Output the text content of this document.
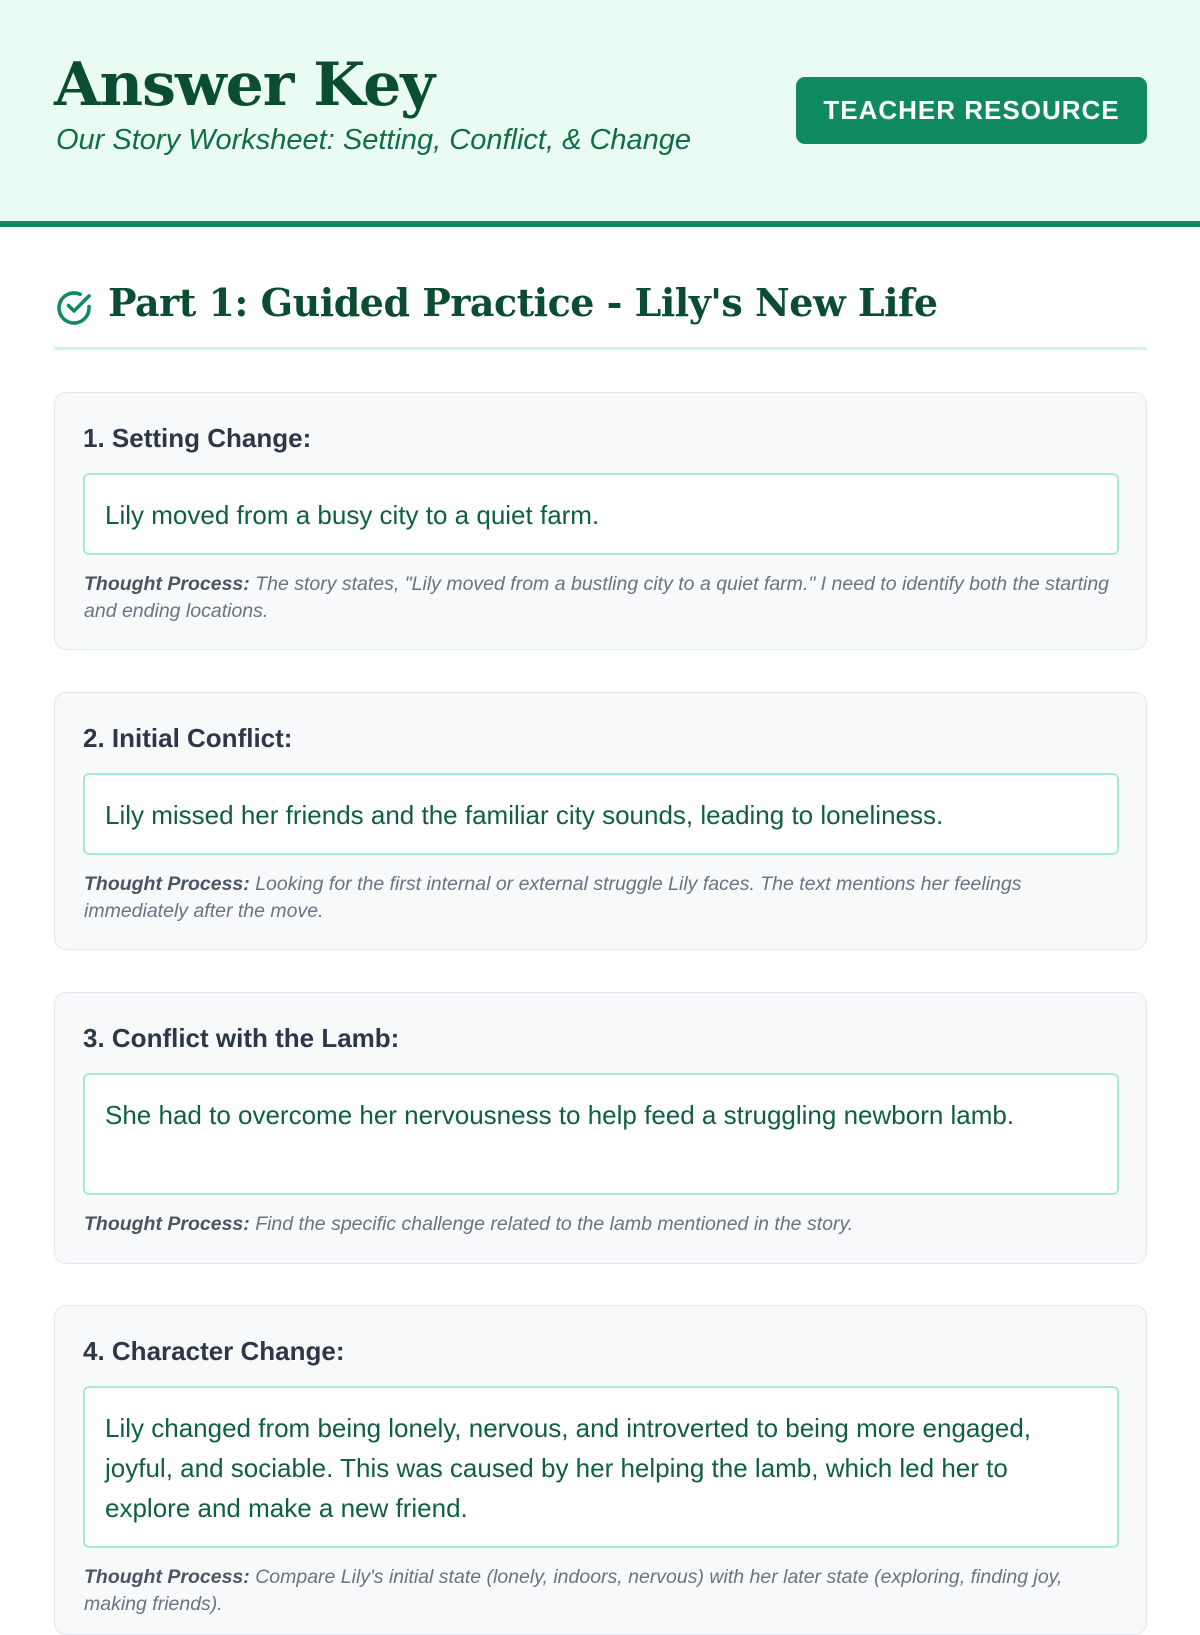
Answer Key
Our Story Worksheet: Setting, Conflict, & Change
TEACHER RESOURCE
Part 1: Guided Practice - Lily's New Life
1. Setting Change:
Lily moved from a busy city to a quiet farm.
Thought Process: The story states, "Lily moved from a bustling city to a quiet farm." I need to identify both the starting and ending locations.
2. Initial Conflict:
Lily missed her friends and the familiar city sounds, leading to loneliness.
Thought Process: Looking for the first internal or external struggle Lily faces. The text mentions her feelings immediately after the move.
3. Conflict with the Lamb:
She had to overcome her nervousness to help feed a struggling newborn lamb.
Thought Process: Find the specific challenge related to the lamb mentioned in the story.
4. Character Change:
Lily changed from being lonely, nervous, and introverted to being more engaged, joyful, and sociable. This was caused by her helping the lamb, which led her to explore and make a new friend.
Thought Process: Compare Lily's initial state (lonely, indoors, nervous) with her later state (exploring, finding joy, making friends).
